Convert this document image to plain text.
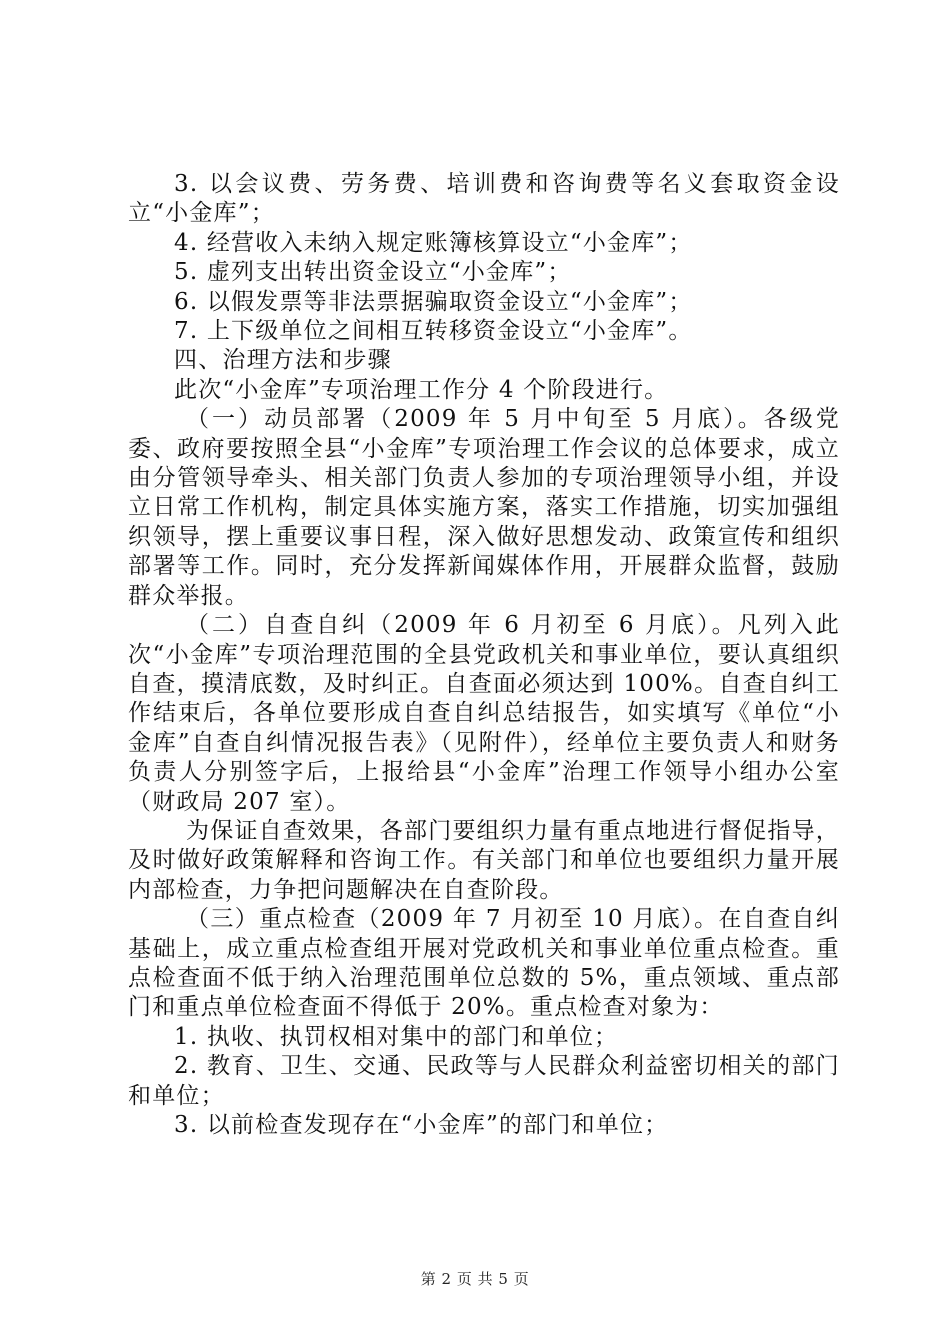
3. 以会议费、劳务费、培训费和咨询费等名义套取资金设立“小金库”；

4. 经营收入未纳入规定账簿核算设立“小金库”；

5. 虚列支出转出资金设立“小金库”；

6. 以假发票等非法票据骗取资金设立“小金库”；

7. 上下级单位之间相互转移资金设立“小金库”。

四、治理方法和步骤

此次“小金库”专项治理工作分 4 个阶段进行。

（一）动员部署（2009 年 5 月中旬至 5 月底）。各级党委、政府要按照全县“小金库”专项治理工作会议的总体要求，成立由分管领导牵头、相关部门负责人参加的专项治理领导小组，并设立日常工作机构，制定具体实施方案，落实工作措施，切实加强组织领导，摆上重要议事日程，深入做好思想发动、政策宣传和组织部署等工作。同时，充分发挥新闻媒体作用，开展群众监督，鼓励群众举报。

（二）自查自纠（2009 年 6 月初至 6 月底）。凡列入此次“小金库”专项治理范围的全县党政机关和事业单位，要认真组织自查，摸清底数，及时纠正。自查面必须达到 100%。自查自纠工作结束后，各单位要形成自查自纠总结报告，如实填写《单位“小金库”自查自纠情况报告表》（见附件），经单位主要负责人和财务负责人分别签字后，上报给县“小金库”治理工作领导小组办公室（财政局 207 室）。

为保证自查效果，各部门要组织力量有重点地进行督促指导，及时做好政策解释和咨询工作。有关部门和单位也要组织力量开展内部检查，力争把问题解决在自查阶段。

（三）重点检查（2009 年 7 月初至 10 月底）。在自查自纠基础上，成立重点检查组开展对党政机关和事业单位重点检查。重点检查面不低于纳入治理范围单位总数的 5%，重点领域、重点部门和重点单位检查面不得低于 20%。重点检查对象为：

1. 执收、执罚权相对集中的部门和单位；

2. 教育、卫生、交通、民政等与人民群众利益密切相关的部门和单位；

3. 以前检查发现存在“小金库”的部门和单位；

第 2 页 共 5 页
